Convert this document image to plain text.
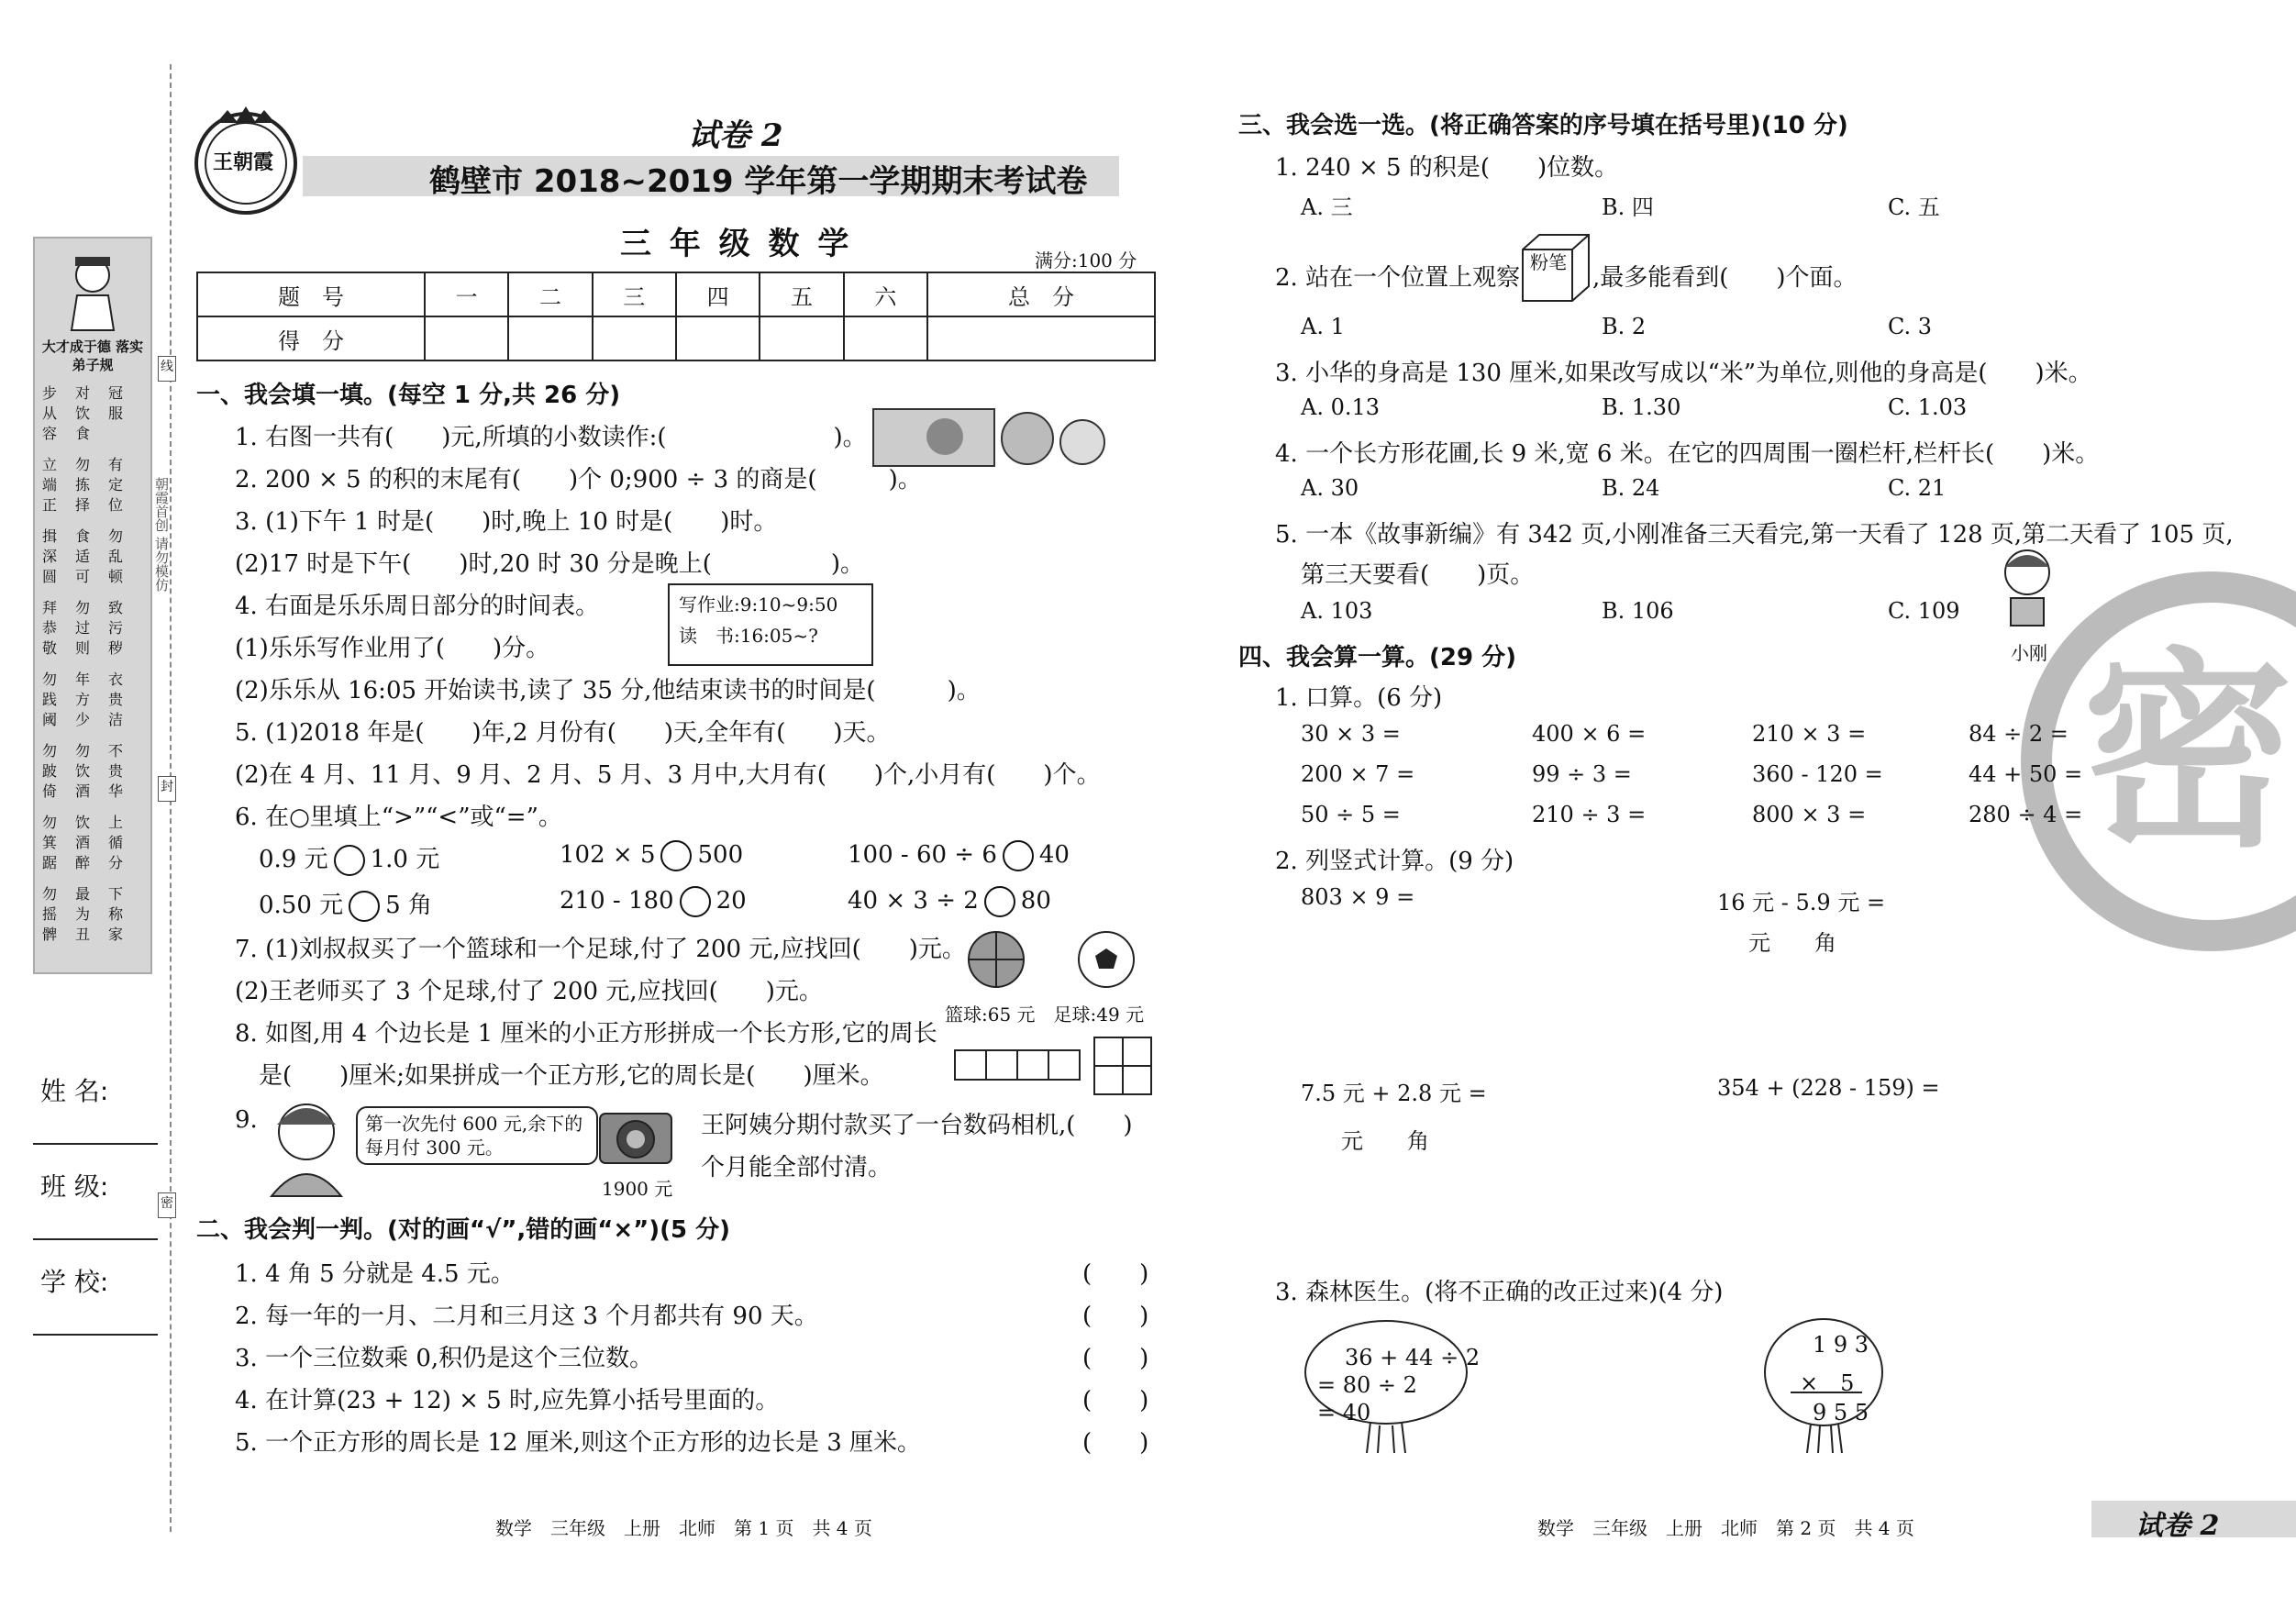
大才成于德 落实弟子规
步从容
对饮食
冠服
立端正
勿拣择
有定位
揖深圆
食适可
勿乱顿
拜恭敬
勿过则
致污秽
勿践阈
年方少
衣贵洁
勿跛倚
勿饮酒
不贵华
勿箕踞
饮酒醉
上循分
勿摇髀
最为丑
下称家
姓 名:
班 级:
学 校:
线
封
密
朝霞首创 请勿模仿
王朝霞
试卷 2
鹤壁市 2018~2019 学年第一学期期末考试卷
三 年 级 数 学	满分:100 分
题　号	一	二	三	四	五	六	总　分
得　分							
一、我会填一填。(每空 1 分,共 26 分)
1. 右图一共有(　　)元,所填的小数读作:(　　　　　　　)。
2. 200 × 5 的积的末尾有(　　)个 0;900 ÷ 3 的商是(　　　)。
3. (1)下午 1 时是(　　)时,晚上 10 时是(　　)时。
(2)17 时是下午(　　)时,20 时 30 分是晚上(　　　　　)。
4. 右面是乐乐周日部分的时间表。
(1)乐乐写作业用了(　　)分。
(2)乐乐从 16:05 开始读书,读了 35 分,他结束读书的时间是(　　　)。
写作业:9:10~9:50
读　书:16:05~?
5. (1)2018 年是(　　)年,2 月份有(　　)天,全年有(　　)天。
(2)在 4 月、11 月、9 月、2 月、5 月、3 月中,大月有(　　)个,小月有(　　)个。
6. 在○里填上“>”“<”或“=”。
0.9 元 1.0 元	102 × 5 500	100 - 60 ÷ 6 40
0.50 元 5 角	210 - 180 20	40 × 3 ÷ 2 80
7. (1)刘叔叔买了一个篮球和一个足球,付了 200 元,应找回(　　)元。
(2)王老师买了 3 个足球,付了 200 元,应找回(　　)元。
篮球:65 元　足球:49 元
8. 如图,用 4 个边长是 1 厘米的小正方形拼成一个长方形,它的周长
是(　　)厘米;如果拼成一个正方形,它的周长是(　　)厘米。
9.	第一次先付 600 元,余下的每月付 300 元。
1900 元
王阿姨分期付款买了一台数码相机,(　　)
个月能全部付清。
二、我会判一判。(对的画“√”,错的画“×”)(5 分)
1. 4 角 5 分就是 4.5 元。	(　　)
2. 每一年的一月、二月和三月这 3 个月都共有 90 天。	(　　)
3. 一个三位数乘 0,积仍是这个三位数。	(　　)
4. 在计算(23 + 12) × 5 时,应先算小括号里面的。	(　　)
5. 一个正方形的周长是 12 厘米,则这个正方形的边长是 3 厘米。	(　　)
三、我会选一选。(将正确答案的序号填在括号里)(10 分)
1. 240 × 5 的积是(　　)位数。
A. 三	B. 四	C. 五
2. 站在一个位置上观察
粉笔
,最多能看到(　　)个面。
A. 1	B. 2	C. 3
3. 小华的身高是 130 厘米,如果改写成以“米”为单位,则他的身高是(　　)米。
A. 0.13	B. 1.30	C. 1.03
4. 一个长方形花圃,长 9 米,宽 6 米。在它的四周围一圈栏杆,栏杆长(　　)米。
A. 30	B. 24	C. 21
5. 一本《故事新编》有 342 页,小刚准备三天看完,第一天看了 128 页,第二天看了 105 页,
第三天要看(　　)页。
A. 103	B. 106	C. 109
小刚 密
四、我会算一算。(29 分)
1. 口算。(6 分)
30 × 3 =	400 × 6 =	210 × 3 =	84 ÷ 2 =
200 × 7 =	99 ÷ 3 =	360 - 120 =	44 + 50 =
50 ÷ 5 =	210 ÷ 3 =	800 × 3 =	280 ÷ 4 =
2. 列竖式计算。(9 分)
803 × 9 =	16 元 - 5.9 元 =
元　　角
7.5 元 + 2.8 元 =
元　　角
354 + (228 - 159) =
3. 森林医生。(将不正确的改正过来)(4 分)
36 + 44 ÷ 2
= 80 ÷ 2
= 40
1 9 3
×　5
9 5 5
数学　三年级　上册　北师　第 1 页　共 4 页	数学　三年级　上册　北师　第 2 页　共 4 页	试卷 2
